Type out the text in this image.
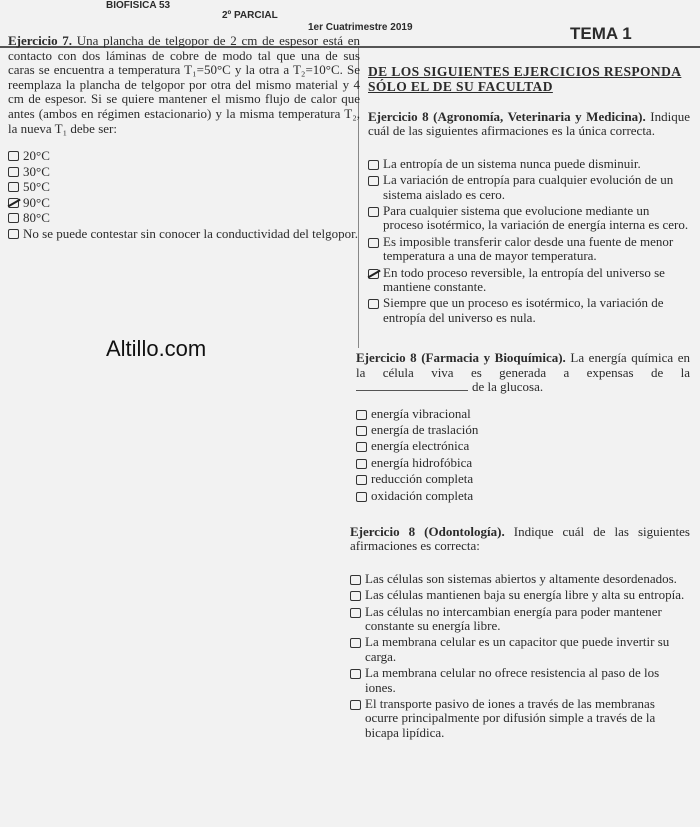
BIOFISICA 53
2º PARCIAL
1er Cuatrimestre 2019	TEMA 1
Ejercicio 7. Una plancha de telgopor de 2 cm de espesor está en contacto con dos láminas de cobre de modo tal que una de sus caras se encuentra a temperatura T₁=50°C y la otra a T₂=10°C. Se reemplaza la plancha de telgopor por otra del mismo material y 4 cm de espesor. Si se quiere mantener el mismo flujo de calor que antes (ambos en régimen estacionario) y la misma temperatura T₂, la nueva T₁ debe ser:
20°C
30°C
50°C
90°C
80°C
No se puede contestar sin conocer la conductividad del telgopor.
Altillo.com
DE LOS SIGUIENTES EJERCICIOS RESPONDA SÓLO EL DE SU FACULTAD
Ejercicio 8 (Agronomía, Veterinaria y Medicina). Indique cuál de las siguientes afirmaciones es la única correcta.
La entropía de un sistema nunca puede disminuir.
La variación de entropía para cualquier evolución de un sistema aislado es cero.
Para cualquier sistema que evolucione mediante un proceso isotérmico, la variación de energía interna es cero.
Es imposible transferir calor desde una fuente de menor temperatura a una de mayor temperatura.
En todo proceso reversible, la entropía del universo se mantiene constante.
Siempre que un proceso es isotérmico, la variación de entropía del universo es nula.
Ejercicio 8 (Farmacia y Bioquímica). La energía química en la célula viva es generada a expensas de la de la glucosa.
energía vibracional
energía de traslación
energía electrónica
energía hidrofóbica
reducción completa
oxidación completa
Ejercicio 8 (Odontología). Indique cuál de las siguientes afirmaciones es correcta:
Las células son sistemas abiertos y altamente desordenados.
Las células mantienen baja su energía libre y alta su entropía.
Las células no intercambian energía para poder mantener constante su energía libre.
La membrana celular es un capacitor que puede invertir su carga.
La membrana celular no ofrece resistencia al paso de los iones.
El transporte pasivo de iones a través de las membranas ocurre principalmente por difusión simple a través de la bicapa lipídica.
